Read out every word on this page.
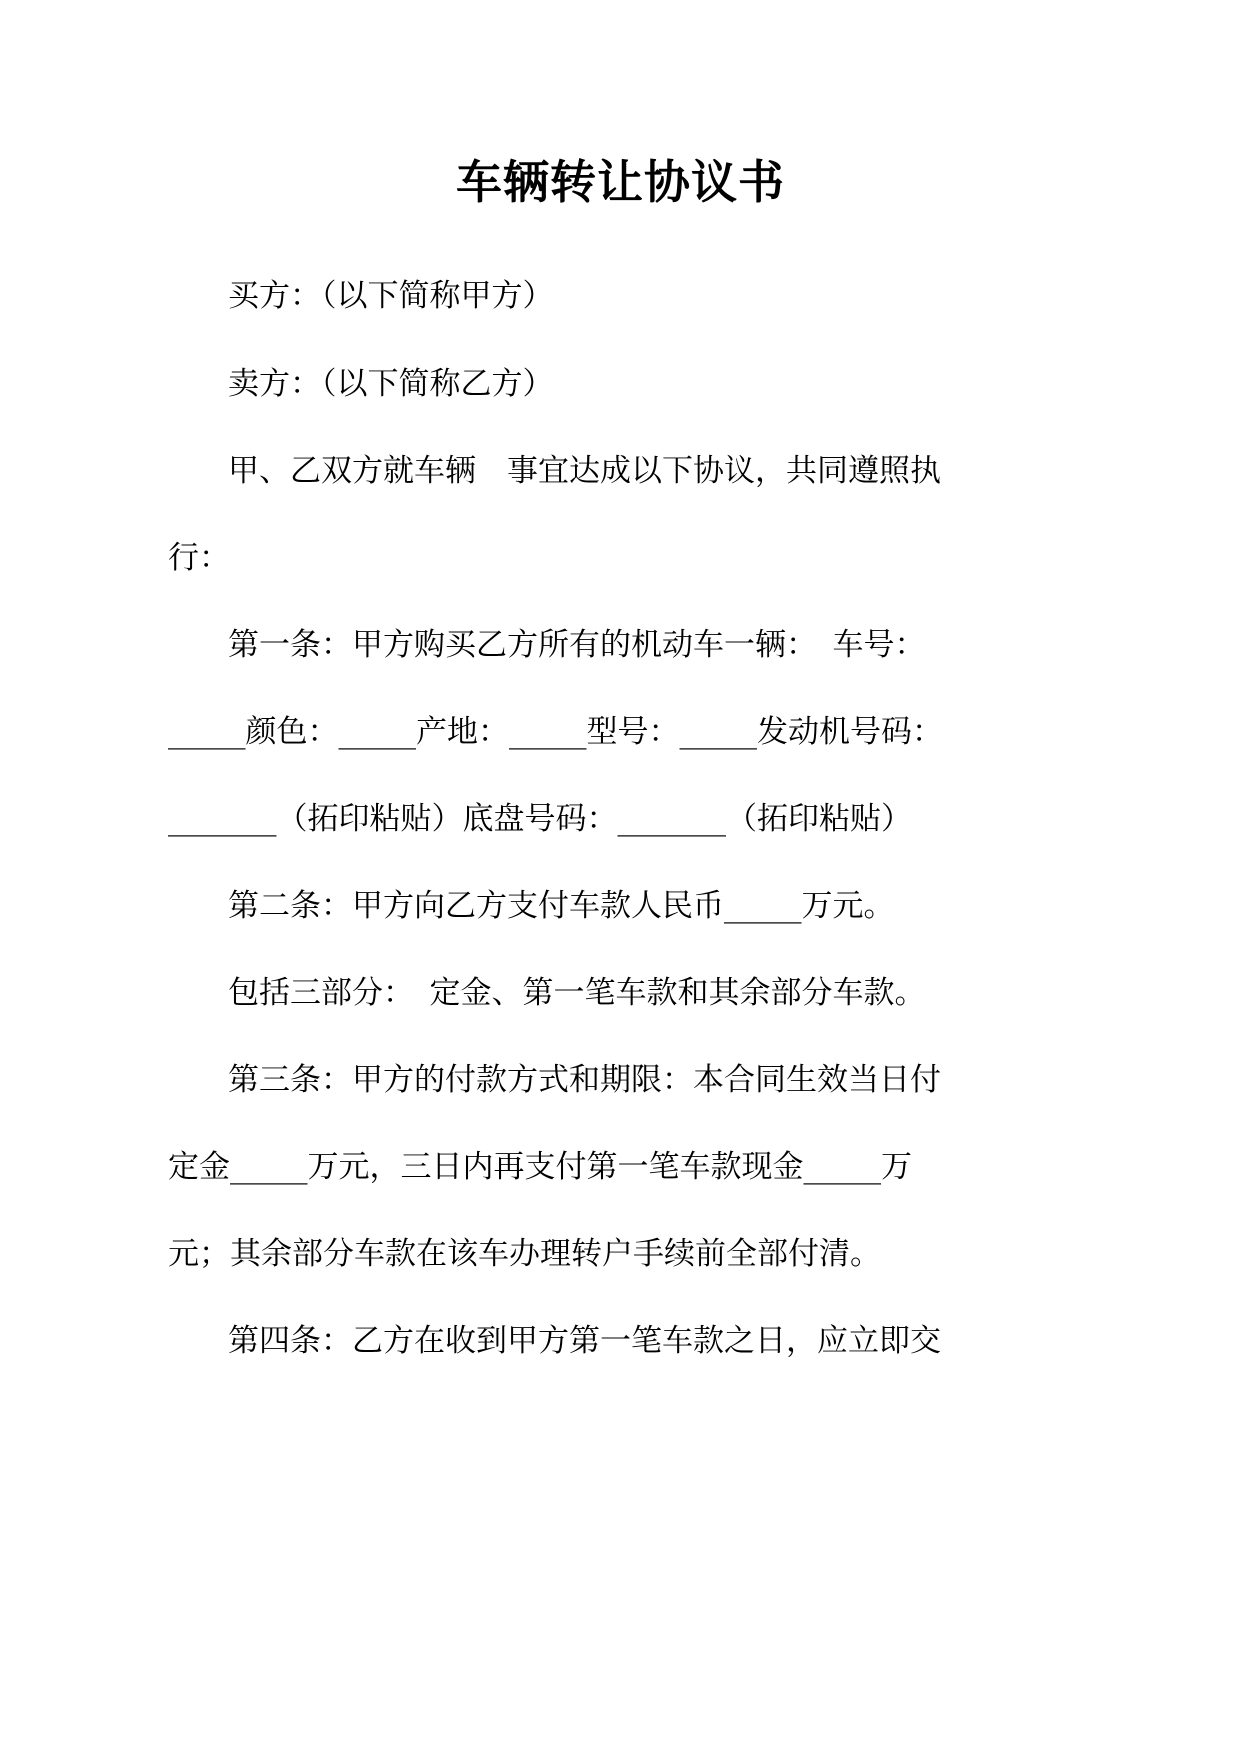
车辆转让协议书
买方：（以下简称甲方）
卖方：（以下简称乙方）
甲、乙双方就车辆　事宜达成以下协议，共同遵照执
行：
第一条：甲方购买乙方所有的机动车一辆：　车号：
_____颜色：_____产地：_____型号：_____发动机号码：
_______（拓印粘贴）底盘号码：_______（拓印粘贴）
第二条：甲方向乙方支付车款人民币_____万元。
包括三部分：　定金、第一笔车款和其余部分车款。
第三条：甲方的付款方式和期限：本合同生效当日付
定金_____万元，三日内再支付第一笔车款现金_____万
元；其余部分车款在该车办理转户手续前全部付清。
第四条：乙方在收到甲方第一笔车款之日，应立即交
